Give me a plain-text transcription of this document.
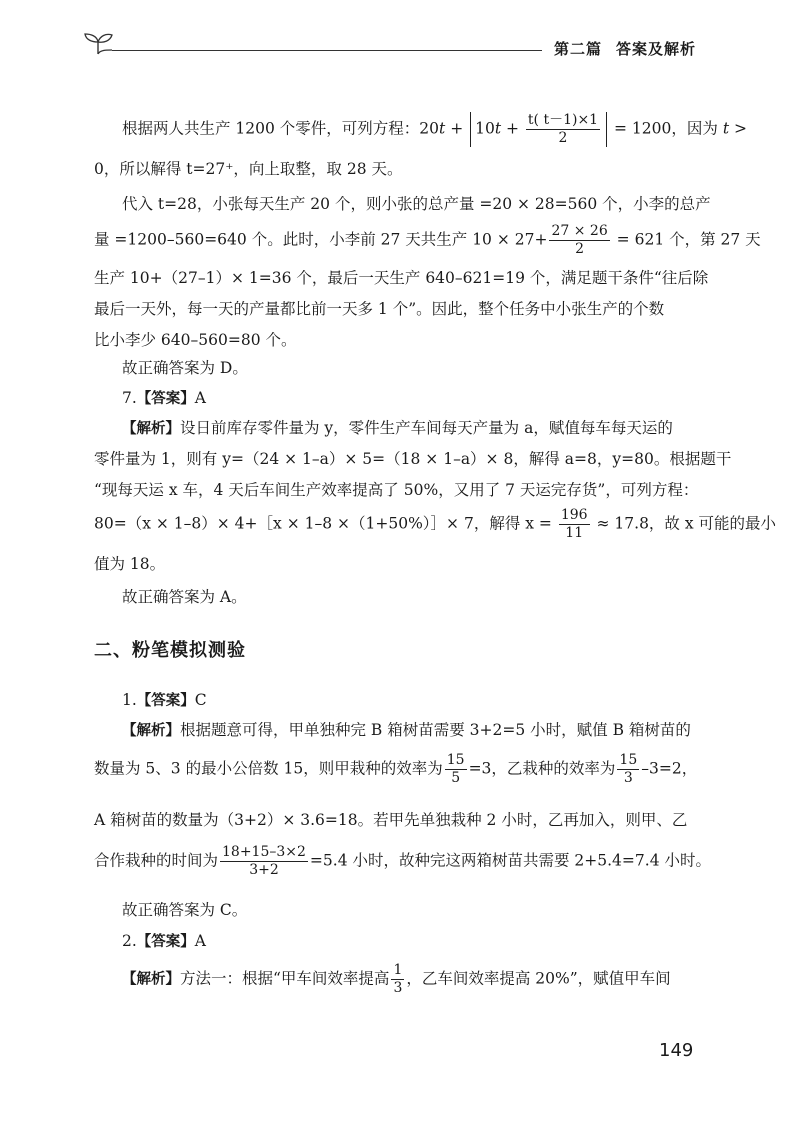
第二篇 答案及解析
根据两人共生产 1200 个零件，可列方程：$20t + 10t + \frac{t( t-1)\times 1}{2} = 1200$，因为 t >
0，所以解得 t=27⁺，向上取整，取 28 天。
代入 t=28，小张每天生产 20 个，则小张的总产量 =20 × 28=560 个，小李的总产
量 =1200–560=640 个。此时，小李前 27 天共生产 $10 \times 27+ \frac{27 \times 26}{2} = 621$ 个，第 27 天
生产 10+（27–1）× 1=36 个，最后一天生产 640–621=19 个，满足题干条件“往后除
最后一天外，每一天的产量都比前一天多 1 个”。因此，整个任务中小张生产的个数
比小李少 640–560=80 个。
故正确答案为 D。
7.【答案】A
【解析】设日前库存零件量为 y，零件生产车间每天产量为 a，赋值每车每天运的
零件量为 1，则有 y=（24 × 1–a）× 5=（18 × 1–a）× 8，解得 a=8，y=80。根据题干
“现每天运 x 车，4 天后车间生产效率提高了 50%，又用了 7 天运完存货”，可列方程：
80=（x × 1–8）× 4+［x × 1–8 ×（1+50%）］× 7，解得 $x = \frac{196}{11} \approx 17.8$，故 x 可能的最小
值为 18。
故正确答案为 A。
二、粉笔模拟测验
1.【答案】C
【解析】根据题意可得，甲单独种完 B 箱树苗需要 3+2=5 小时，赋值 B 箱树苗的
数量为 5、3 的最小公倍数 15，则甲栽种的效率为 $\frac{15}{5} =3$，乙栽种的效率为 $\frac{15}{3} -3=2$，
A 箱树苗的数量为（3+2）× 3.6=18。若甲先单独栽种 2 小时，乙再加入，则甲、乙
合作栽种的时间为 $\frac{18+15-3\times 2}{3+2} =5.4$ 小时，故种完这两箱树苗共需要 2+5.4=7.4 小时。
故正确答案为 C。
2.【答案】A
【解析】方法一：根据“甲车间效率提高 $\frac{1}{3}$ ，乙车间效率提高 20%”，赋值甲车间
149
